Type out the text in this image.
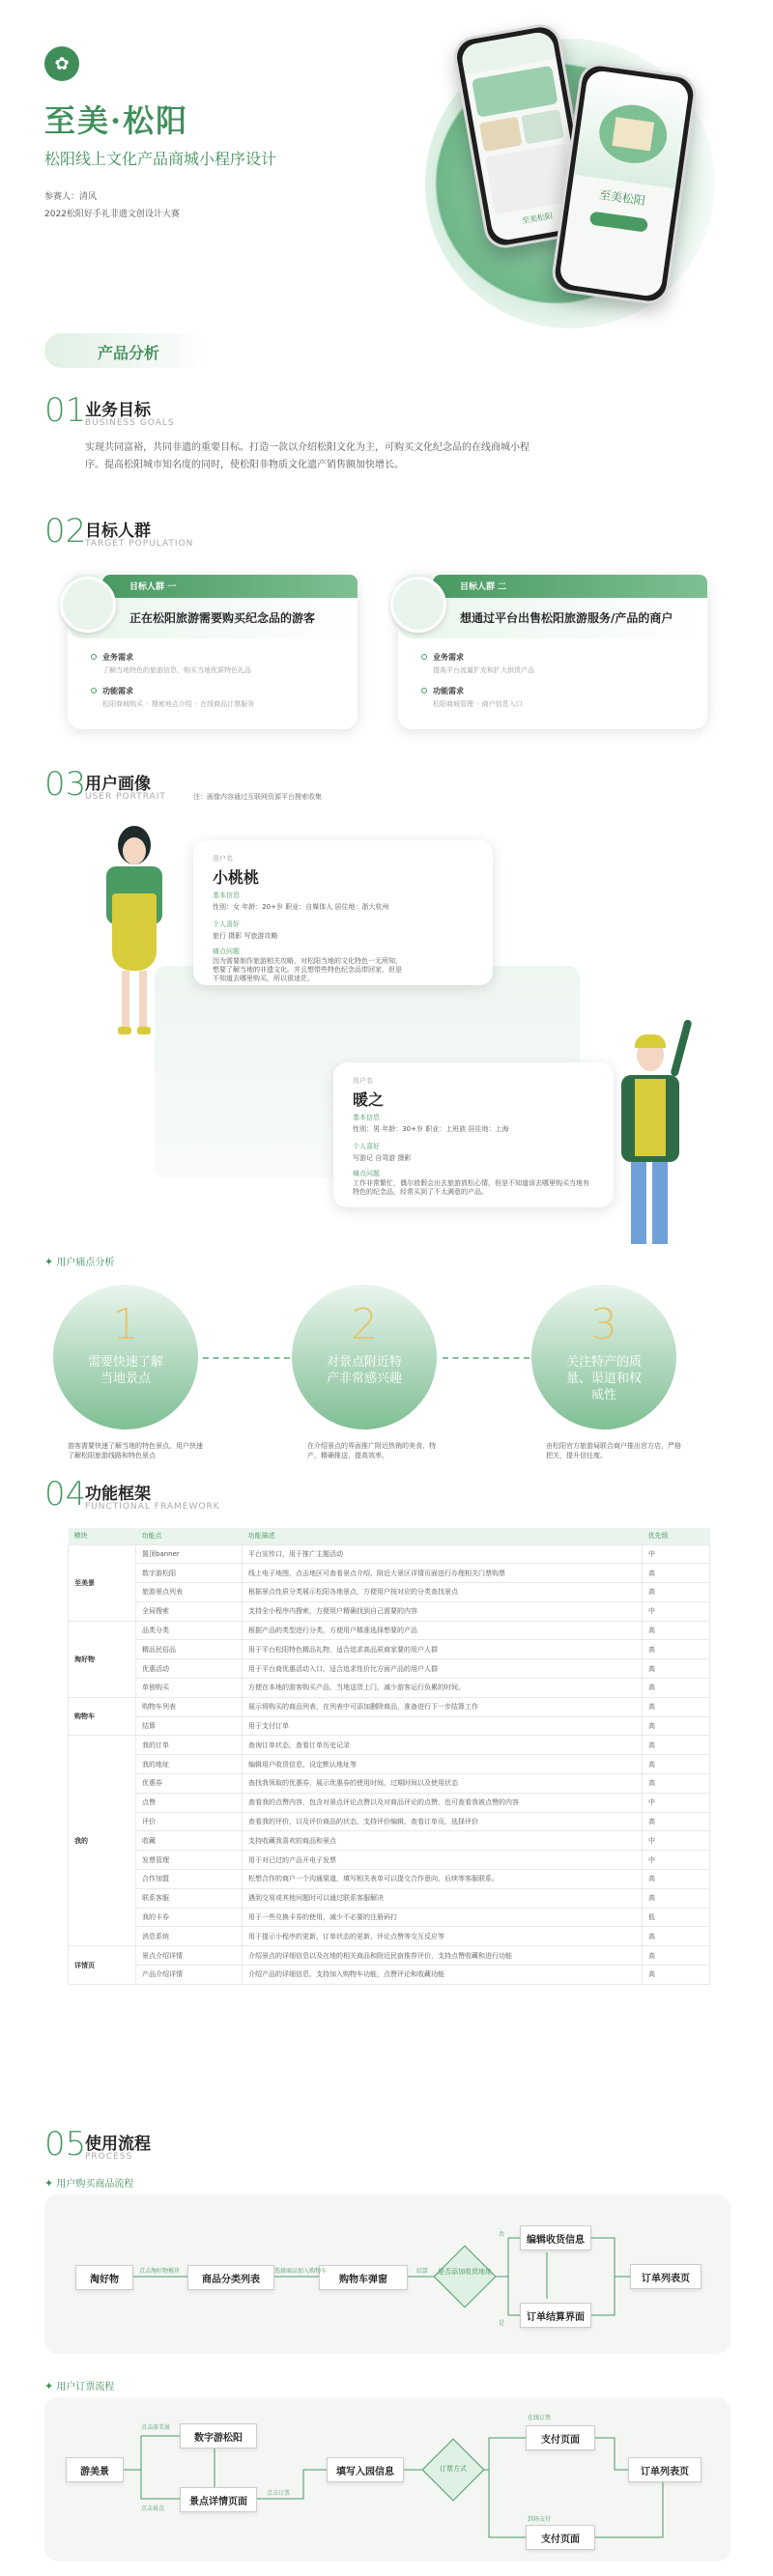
✿
至美·松阳
松阳线上文化产品商城小程序设计
参赛人：清风
2022松阳好手礼非遗文创设计大赛	至美松阳
至美松阳
产品分析
01
业务目标
BUSINESS GOALS
实现共同富裕，共同非遗的重要目标。打造一款以介绍松阳文化为主，可购买文化纪念品的在线商城小程序。提高松阳城市知名度的同时，使松阳非物质文化遗产销售额加快增长。
02
目标人群
TARGET POPULATION
目标人群 一
正在松阳旅游需要购买纪念品的游客
业务需求
了解当地特色的旅游信息，购买当地优质特色礼品
功能需求
松阳商城购买 ◦ 搜索地点介绍 ◦ 在线商品订票服务
目标人群 二
想通过平台出售松阳旅游服务/产品的商户
业务需求
提高平台流量扩充和扩大供货产品
功能需求
松阳商城管理 ◦ 商户信息入口
03
用户画像
USER PORTRAIT	注：画像内容通过互联网资源平台搜索收集
用户名
小桃桃
基本信息
性别：女 年龄：20+岁 职业：自媒体人 居住地：浙大杭州
个人喜好
旅行 摄影 写旅游攻略
痛点问题
因为需要制作旅游相关攻略，对松阳当地的文化特色一无所知，想要了解当地的非遗文化。并且想带些特色纪念品带回家，但是不知道去哪里购买，所以很迷茫。
用户名
暖之
基本信息
性别：男 年龄：30+岁 职业：上班族 居住地：上海
个人喜好
写游记 自驾游 摄影
痛点问题
工作非常繁忙，偶尔放假会出去旅游放松心情，但是不知道该去哪里购买当地有特色的纪念品，经常买到了不太满意的产品。
✦ 用户痛点分析
1
需要快速了解当地景点
2
对景点附近特产非常感兴趣
3
关注特产的质量、渠道和权威性
游客需要快速了解当地的特色景点，用户快速了解松阳旅游线路和特色景点
在介绍景点的界面推广附近热销的美食、特产，精确推送，提高效率。
由松阳官方旅游局联合商户推出官方店，严格把关，提升信任度。
04
功能框架
FUNCTIONAL FRAMEWORK
模块	功能点	功能描述	优先级
至美景	置顶banner	平台宣传口，用于推广主题活动	中
	数字游松阳	线上电子地图，点击地区可查看景点介绍、附近大景区详情页面进行办理相关门票购票	高
	旅游景点列表	根据景点性质分类展示松阳各地景点，方便用户按对应的分类查找景点	高
	全局搜索	支持全小程序内搜索，方便用户精确找到自己需要的内容	中
淘好物	品类分类	根据产品的类型进行分类，方便用户精准选择想要的产品	高
	精品民俗品	用于平台松阳特色精品礼物，适合追求高品质商家要的用户人群	高
	优惠活动	用于平台商优惠活动入口，适合追求性价比方面产品的用户人群	高
	单独购买	方便在本地的游客购买产品，当地送货上门，减少游客运行负累的时间。	高
购物车	购物车列表	展示将购买的商品列表，在列表中可添加删除商品，准备进行下一步结算工作	高
	结算	用于支付订单	高
我的	我的订单	查询订单状态，查看订单历史记录	高
	我的地址	编辑用户收货信息，设定默认地址等	高
	优惠券	查找我领取的优惠券，展示优惠券的使用时间，过期时间以及使用状态	高
	点赞	查看我的点赞内容，包含对景点评论点赞以及对商品评论的点赞，也可查看我被点赞的内容	中
	评价	查看我的评价，以及评价商品的状态，支持评价编辑，查看订单页，选择评价	高
	收藏	支持收藏我喜欢的商品和景点	中
	发票管理	用于对已过的产品开电子发票	中
	合作加盟	松想合作的商户一个沟通渠道，填写相关表单可以提交合作意向，后续等客服联系。	高
	联系客服	遇到交易或其他问题时可以通过联系客服解决	高
	我的卡券	用于一些兑换卡券的使用，减少不必要的注册码打	低
	消息系统	用于提示小程序的更新，订单状态的更新，评论点赞等交互反应等	高
详情页	景点介绍详情	介绍景点的详细信息以及在地的相关商品和附近民宿推荐评价，支持点赞收藏和进行功能	高
	产品介绍详情	介绍产品的详细信息，支持加入购物车功能，点赞评论和收藏功能	高
05
使用流程
PROCESS
✦ 用户购买商品流程
淘好物	商品分类列表	购物车弹窗
是否添加收货地址
编辑收货信息
订单结算界面
订单列表页
点击淘好物模块	选择商品加入购物车	结算
否
是
✦ 用户订票流程
游美景
数字游松阳
景点详情页面
填写入园信息	订票方式
支付页面
订单列表页
支付页面
点击游美景
点击景点
点击订票
在线订票
到场支付
